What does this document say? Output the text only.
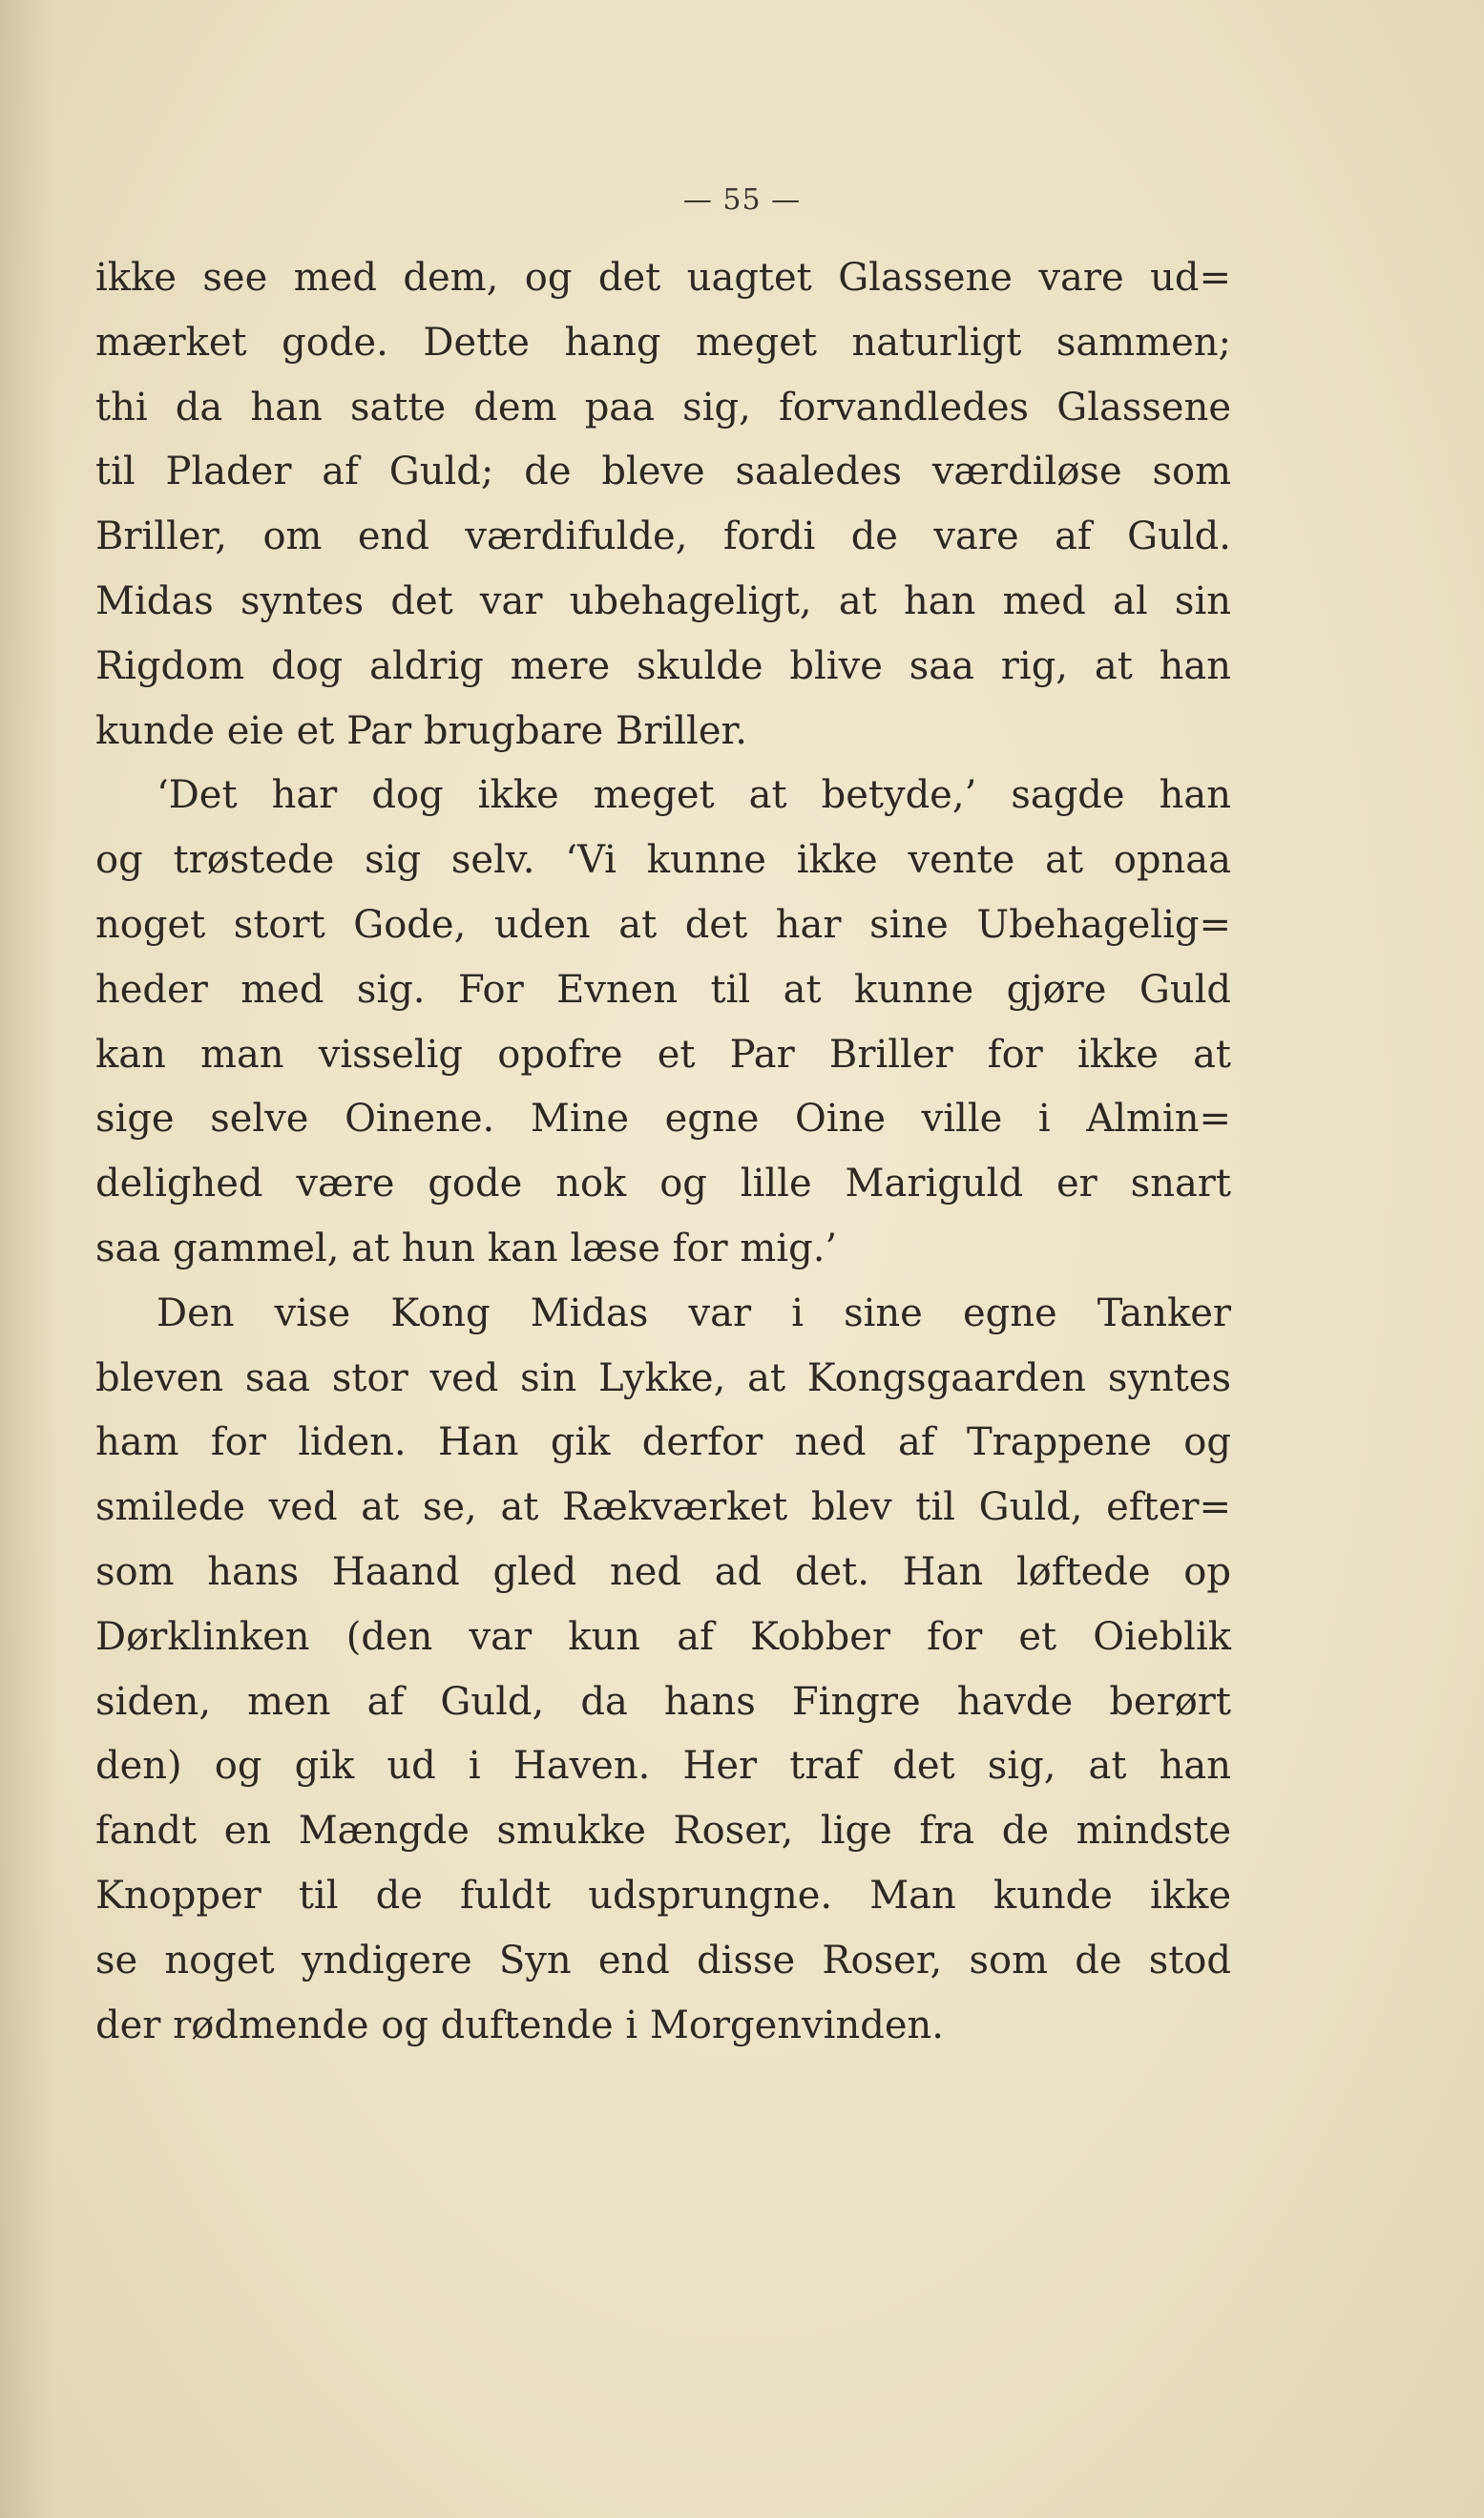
— 55 —
ikke see med dem, og det uagtet Glassene vare ud=
mærket gode. Dette hang meget naturligt sammen;
thi da han satte dem paa sig, forvandledes Glassene
til Plader af Guld; de bleve saaledes værdiløse som
Briller, om end værdifulde, fordi de vare af Guld.
Midas syntes det var ubehageligt, at han med al sin
Rigdom dog aldrig mere skulde blive saa rig, at han
kunde eie et Par brugbare Briller.
‘Det har dog ikke meget at betyde,’ sagde han
og trøstede sig selv. ‘Vi kunne ikke vente at opnaa
noget stort Gode, uden at det har sine Ubehagelig=
heder med sig. For Evnen til at kunne gjøre Guld
kan man visselig opofre et Par Briller for ikke at
sige selve Oinene. Mine egne Oine ville i Almin=
delighed være gode nok og lille Mariguld er snart
saa gammel, at hun kan læse for mig.’
Den vise Kong Midas var i sine egne Tanker
bleven saa stor ved sin Lykke, at Kongsgaarden syntes
ham for liden. Han gik derfor ned af Trappene og
smilede ved at se, at Rækværket blev til Guld, efter=
som hans Haand gled ned ad det. Han løftede op
Dørklinken (den var kun af Kobber for et Oieblik
siden, men af Guld, da hans Fingre havde berørt
den) og gik ud i Haven. Her traf det sig, at han
fandt en Mængde smukke Roser, lige fra de mindste
Knopper til de fuldt udsprungne. Man kunde ikke
se noget yndigere Syn end disse Roser, som de stod
der rødmende og duftende i Morgenvinden.
